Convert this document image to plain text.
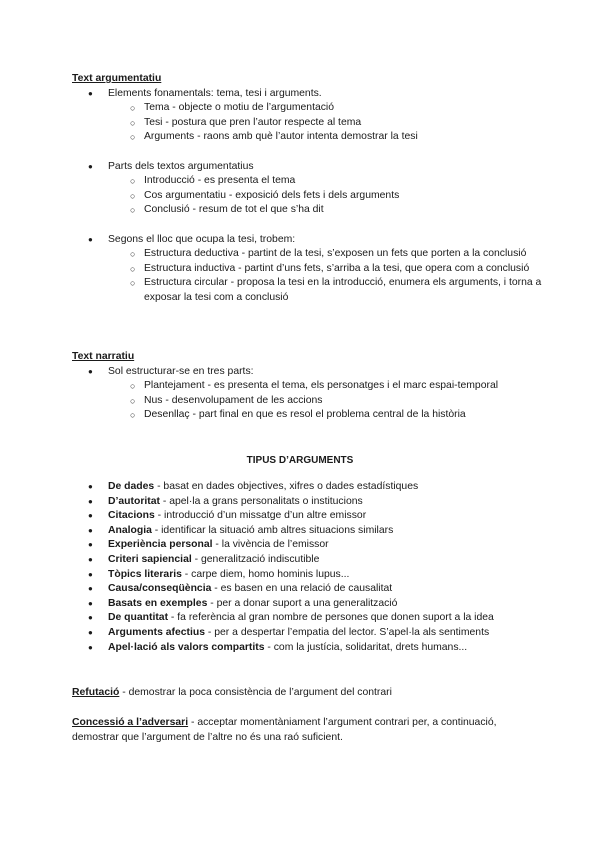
Text argumentatiu
● Elements fonamentals: tema, tesi i arguments.
○ Tema - objecte o motiu de l’argumentació
○ Tesi - postura que pren l’autor respecte al tema
○ Arguments - raons amb què l’autor intenta demostrar la tesi
● Parts dels textos argumentatius
○ Introducció - es presenta el tema
○ Cos argumentatiu - exposició dels fets i dels arguments
○ Conclusió - resum de tot el que s’ha dit
● Segons el lloc que ocupa la tesi, trobem:
○ Estructura deductiva - partint de la tesi, s’exposen un fets que porten a la conclusió
○ Estructura inductiva - partint d’uns fets, s’arriba a la tesi, que opera com a conclusió
○ Estructura circular - proposa la tesi en la introducció, enumera els arguments, i torna a exposar la tesi com a conclusió
Text narratiu
● Sol estructurar-se en tres parts:
○ Plantejament - es presenta el tema, els personatges i el marc espai-temporal
○ Nus - desenvolupament de les accions
○ Desenllaç - part final en que es resol el problema central de la història
TIPUS D’ARGUMENTS
● De dades - basat en dades objectives, xifres o dades estadístiques
● D’autoritat - apel·la a grans personalitats o institucions
● Citacions - introducció d’un missatge d’un altre emissor
● Analogia - identificar la situació amb altres situacions similars
● Experiència personal - la vivència de l’emissor
● Criteri sapiencial - generalització indiscutible
● Tòpics literaris - carpe diem, homo hominis lupus...
● Causa/conseqüència - es basen en una relació de causalitat
● Basats en exemples - per a donar suport a una generalització
● De quantitat - fa referència al gran nombre de persones que donen suport a la idea
● Arguments afectius - per a despertar l’empatia del lector. S’apel·la als sentiments
● Apel·lació als valors compartits - com la justícia, solidaritat, drets humans...
Refutació - demostrar la poca consistència de l’argument del contrari
Concessió a l’adversari - acceptar momentàniament l’argument contrari per, a continuació, demostrar que l’argument de l’altre no és una raó suficient.
